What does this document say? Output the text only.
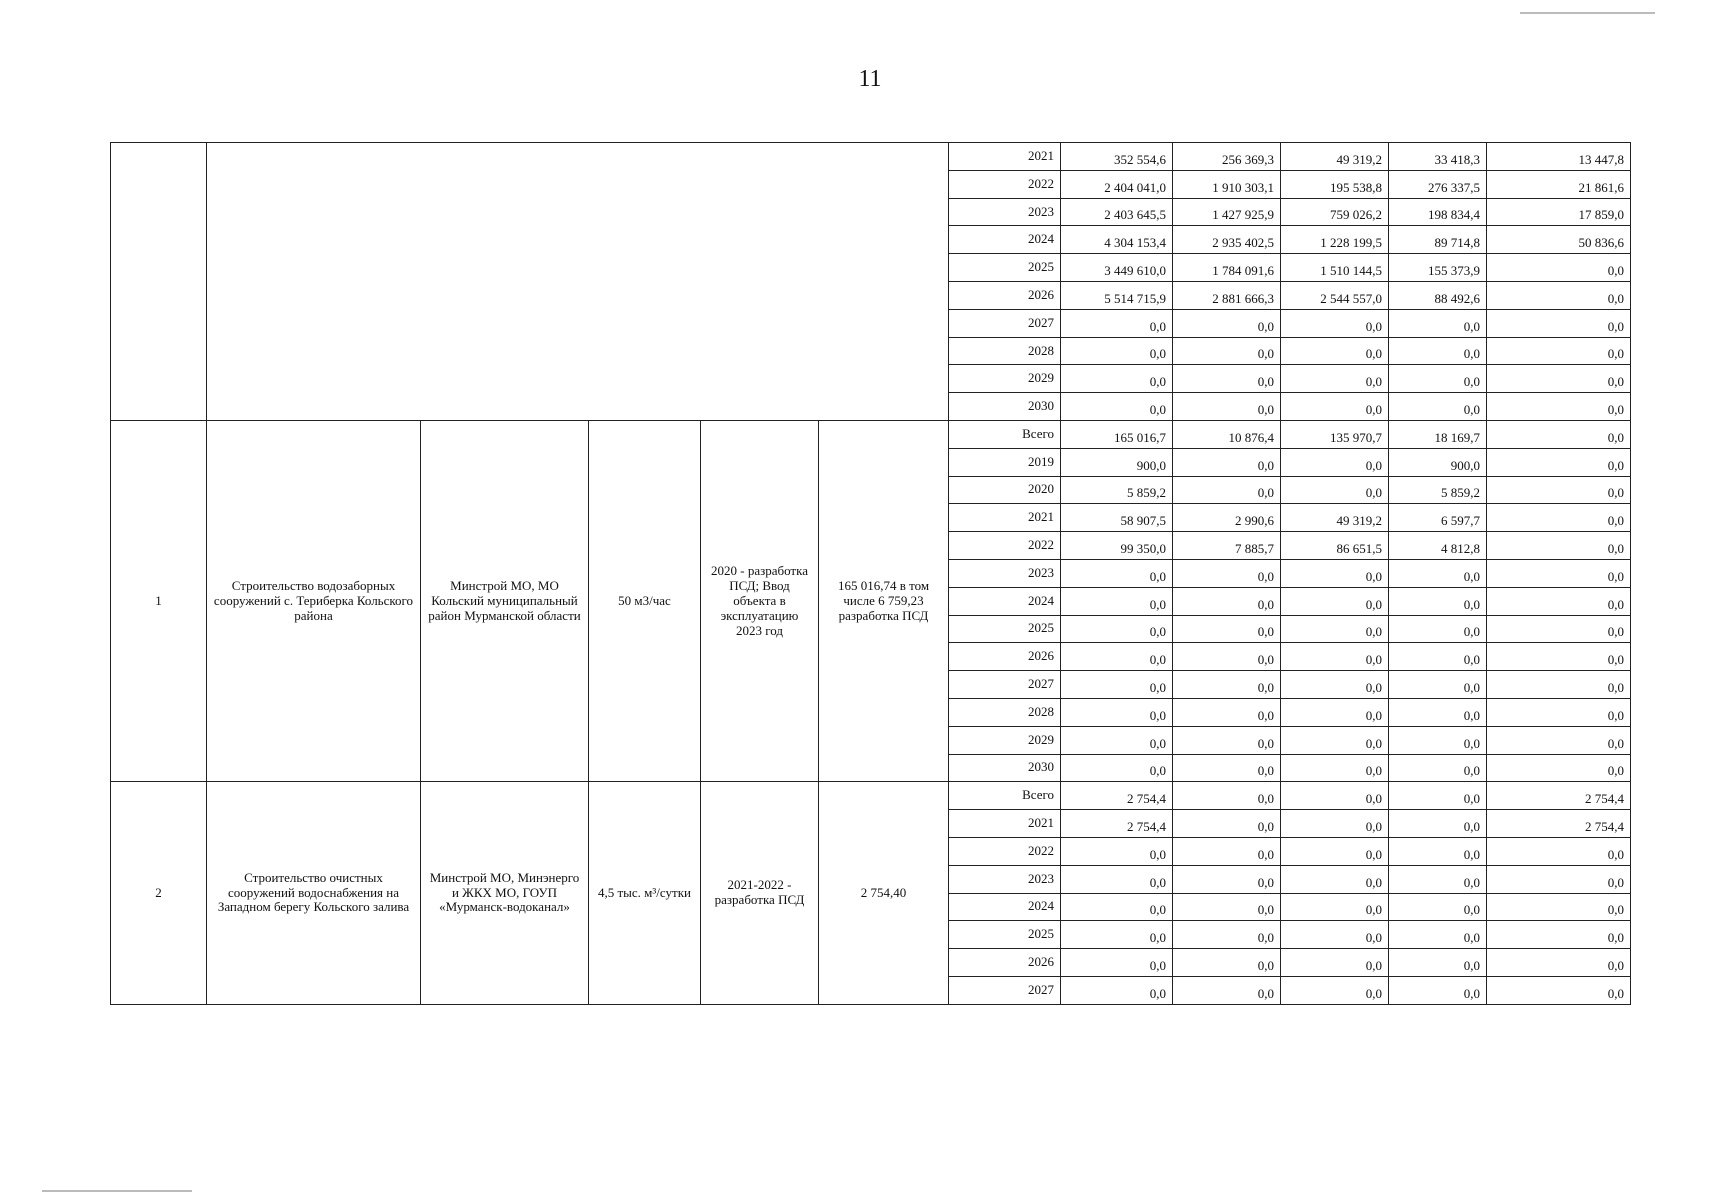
11
						2021	352 554,6	256 369,3	49 319,2	33 418,3	13 447,8
						2022	2 404 041,0	1 910 303,1	195 538,8	276 337,5	21 861,6
						2023	2 403 645,5	1 427 925,9	759 026,2	198 834,4	17 859,0
						2024	4 304 153,4	2 935 402,5	1 228 199,5	89 714,8	50 836,6
						2025	3 449 610,0	1 784 091,6	1 510 144,5	155 373,9	0,0
						2026	5 514 715,9	2 881 666,3	2 544 557,0	88 492,6	0,0
						2027	0,0	0,0	0,0	0,0	0,0
						2028	0,0	0,0	0,0	0,0	0,0
						2029	0,0	0,0	0,0	0,0	0,0
						2030	0,0	0,0	0,0	0,0	0,0
1	Строительство водозаборных сооружений с. Териберка Кольского района	Минстрой МО, МО Кольский муниципальный район Мурманской области	50 м3/час	2020 - разработка ПСД; Ввод объекта в эксплуатацию 2023 год	165 016,74 в том числе 6 759,23 разработка ПСД	Всего	165 016,7	10 876,4	135 970,7	18 169,7	0,0
						2019	900,0	0,0	0,0	900,0	0,0
						2020	5 859,2	0,0	0,0	5 859,2	0,0
						2021	58 907,5	2 990,6	49 319,2	6 597,7	0,0
						2022	99 350,0	7 885,7	86 651,5	4 812,8	0,0
						2023	0,0	0,0	0,0	0,0	0,0
						2024	0,0	0,0	0,0	0,0	0,0
						2025	0,0	0,0	0,0	0,0	0,0
						2026	0,0	0,0	0,0	0,0	0,0
						2027	0,0	0,0	0,0	0,0	0,0
						2028	0,0	0,0	0,0	0,0	0,0
						2029	0,0	0,0	0,0	0,0	0,0
						2030	0,0	0,0	0,0	0,0	0,0
2	Строительство очистных сооружений водоснабжения на Западном берегу Кольского залива	Минстрой МО, Минэнерго и ЖКХ МО, ГОУП «Мурманск-водоканал»	4,5 тыс. м³/сутки	2021-2022 - разработка ПСД	2 754,40	Всего	2 754,4	0,0	0,0	0,0	2 754,4
						2021	2 754,4	0,0	0,0	0,0	2 754,4
						2022	0,0	0,0	0,0	0,0	0,0
						2023	0,0	0,0	0,0	0,0	0,0
						2024	0,0	0,0	0,0	0,0	0,0
						2025	0,0	0,0	0,0	0,0	0,0
						2026	0,0	0,0	0,0	0,0	0,0
						2027	0,0	0,0	0,0	0,0	0,0
